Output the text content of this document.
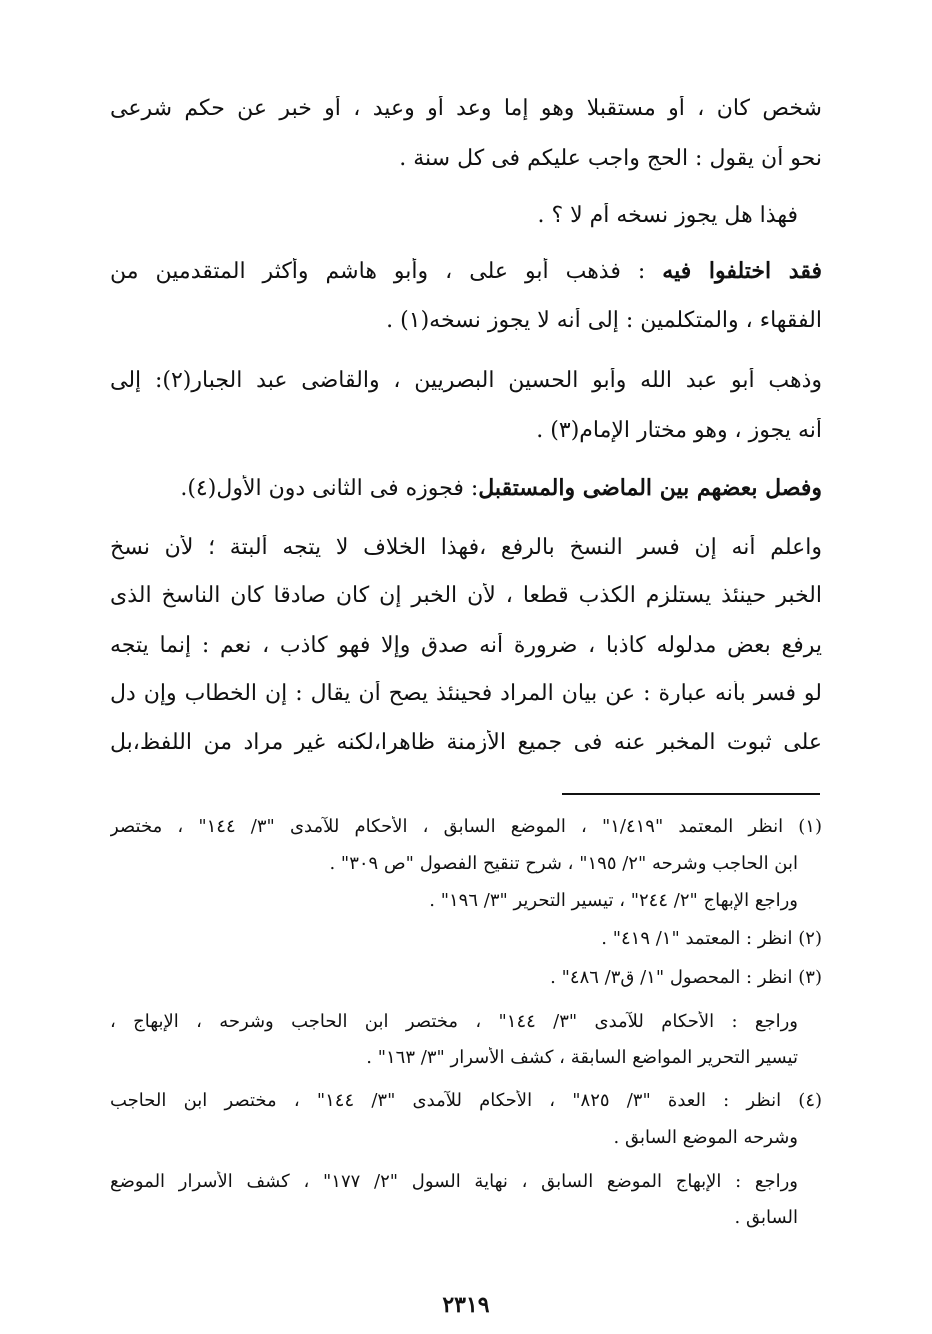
شخص كان ، أو مستقبلا وهو إما وعد أو وعيد ، أو خبر عن حكم شرعى
نحو أن يقول : الحج واجب عليكم فى كل سنة .
فهذا هل يجوز نسخه أم لا ؟ .
فقد اختلفوا فيه : فذهب أبو على ، وأبو هاشم وأكثر المتقدمين من
الفقهاء ، والمتكلمين : إلى أنه لا يجوز نسخه(١) .
وذهب أبو عبد الله وأبو الحسين البصريين ، والقاضى عبد الجبار(٢): إلى
أنه يجوز ، وهو مختار الإمام(٣) .
وفصل بعضهم بين الماضى والمستقبل: فجوزه فى الثانى دون الأول(٤).
واعلم أنه إن فسر النسخ بالرفع ،فهذا الخلاف لا يتجه ألبتة ؛ لأن نسخ
الخبر حينئذ يستلزم الكذب قطعا ، لأن الخبر إن كان صادقا كان الناسخ الذى
يرفع بعض مدلوله كاذبا ، ضرورة أنه صدق وإلا فهو كاذب ، نعم : إنما يتجه
لو فسر بأنه عبارة : عن بيان المراد فحينئذ يصح أن يقال : إن الخطاب وإن دل
على ثبوت المخبر عنه فى جميع الأزمنة ظاهرا،لكنه غير مراد من اللفظ،بل
(١) انظر المعتمد "١/٤١٩" ، الموضع السابق ، الأحكام للآمدى "٣/ ١٤٤" ، مختصر
ابن الحاجب وشرحه "٢/ ١٩٥" ، شرح تنقيح الفصول "ص ٣٠٩" .
وراجع الإبهاج "٢/ ٢٤٤" ، تيسير التحرير "٣/ ١٩٦" .
(٢) انظر : المعتمد "١/ ٤١٩" .
(٣) انظر : المحصول "١/ ق٣/ ٤٨٦" .
وراجع : الأحكام للآمدى "٣/ ١٤٤" ، مختصر ابن الحاجب وشرحه ، الإبهاج ،
تيسير التحرير المواضع السابقة ، كشف الأسرار "٣/ ١٦٣" .
(٤) انظر : العدة "٣/ ٨٢٥" ، الأحكام للآمدى "٣/ ١٤٤" ، مختصر ابن الحاجب
وشرحه الموضع السابق .
وراجع : الإبهاج الموضع السابق ، نهاية السول "٢/ ١٧٧" ، كشف الأسرار الموضع
السابق .
٢٣١٩
